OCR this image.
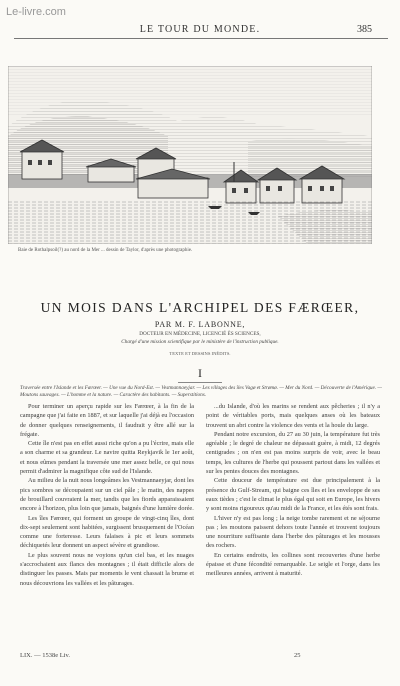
Le-livre.com
LE TOUR DU MONDE.	385
Baie de Rothalpsoil(?) au nord de la Mer ... dessin de Taylor, d'après une photographie.
UN MOIS DANS L'ARCHIPEL DES FÆRŒER,
PAR M. F. LABONNE,
DOCTEUR EN MÉDECINE, LICENCIÉ ÈS SCIENCES,
Chargé d'une mission scientifique par le ministère de l'instruction publique.
TEXTE ET DESSINS INÉDITS.
I
Traversée entre l'Islande et les Færœer. — Une vue du Nord-Est. — Vestmannaeyjar. — Les villages des îles Vagø et Strømø. — Mer du Nord. — Découverte de l'Amérique. — Moutons sauvages. — L'homme et la nature. — Caractère des habitants. — Superstitions.

Pour terminer un aperçu rapide sur les Færœer, à la fin de la campagne que j'ai faite en 1887, et sur laquelle j'ai déjà eu l'occasion de donner quelques renseignements, il faudrait y être allé sur la frégate.

Cette île n'est pas en effet aussi riche qu'on a pu l'écrire, mais elle a son charme et sa grandeur. Le navire quitta Reykjavik le 1er août, et nous eûmes pendant la traversée une mer assez belle, ce qui nous permit d'admirer la magnifique côte sud de l'Islande.

Au milieu de la nuit nous longeâmes les Vestmannaeyjar, dont les pics sombres se découpaient sur un ciel pâle ; le matin, des nappes de brouillard couvraient la mer, tandis que les fiords apparaissaient encore à l'horizon, plus loin que jamais, baignés d'une lumière dorée.

Les îles Færœer, qui forment un groupe de vingt-cinq îles, dont dix-sept seulement sont habitées, surgissent brusquement de l'Océan comme une forteresse. Leurs falaises à pic et leurs sommets déchiquetés leur donnent un aspect sévère et grandiose.

Le plus souvent nous ne voyions qu'un ciel bas, et les nuages s'accrochaient aux flancs des montagnes ; il était difficile alors de distinguer les passes. Mais par moments le vent chassait la brume et nous découvrions les vallées et les pâturages.

...du Islande, d'où les marins se rendent aux pêcheries ; il n'y a point de véritables ports, mais quelques anses où les bateaux trouvent un abri contre la violence des vents et la houle du large.

Pendant notre excursion, du 27 au 30 juin, la température fut très agréable ; le degré de chaleur ne dépassait guère, à midi, 12 degrés centigrades ; on n'en est pas moins surpris de voir, avec le beau temps, les cultures de l'herbe qui poussent partout dans les vallées et sur les pentes douces des montagnes.

Cette douceur de température est due principalement à la présence du Gulf-Stream, qui baigne ces îles et les enveloppe de ses eaux tièdes ; c'est le climat le plus égal qui soit en Europe, les hivers y sont moins rigoureux qu'au midi de la France, et les étés sont frais.

L'hiver n'y est pas long ; la neige tombe rarement et ne séjourne pas ; les moutons paissent dehors toute l'année et trouvent toujours une nourriture suffisante dans l'herbe des pâturages et les mousses des rochers.

En certains endroits, les collines sont recouvertes d'une herbe épaisse et d'une fécondité remarquable. Le seigle et l'orge, dans les meilleures années, arrivent à maturité.

LIX. — 1538e Liv.	25
